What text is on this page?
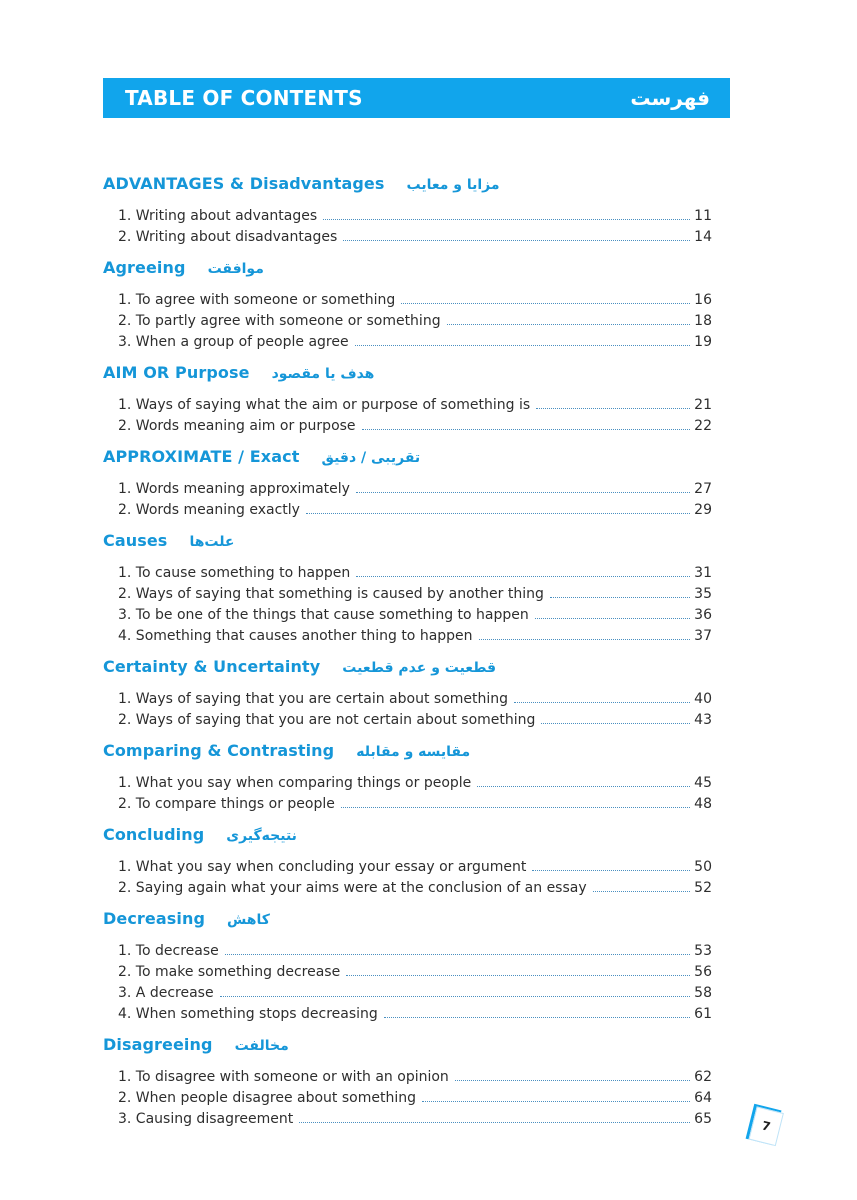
TABLE OF CONTENTS	فهرست
ADVANTAGES & Disadvantages مزایا و معایب
1. Writing about advantages	11
2. Writing about disadvantages	14
Agreeing موافقت
1. To agree with someone or something	16
2. To partly agree with someone or something	18
3. When a group of people agree	19
AIM OR Purpose هدف یا مقصود
1. Ways of saying what the aim or purpose of something is	21
2. Words meaning aim or purpose	22
APPROXIMATE / Exact تقریبی / دقیق
1. Words meaning approximately	27
2. Words meaning exactly	29
Causes علت‌ها
1. To cause something to happen	31
2. Ways of saying that something is caused by another thing	35
3. To be one of the things that cause something to happen	36
4. Something that causes another thing to happen	37
Certainty & Uncertainty قطعیت و عدم قطعیت
1. Ways of saying that you are certain about something	40
2. Ways of saying that you are not certain about something	43
Comparing & Contrasting مقایسه و مقابله
1. What you say when comparing things or people	45
2. To compare things or people	48
Concluding نتیجه‌گیری
1. What you say when concluding your essay or argument	50
2. Saying again what your aims were at the conclusion of an essay	52
Decreasing کاهش
1. To decrease	53
2. To make something decrease	56
3. A decrease	58
4. When something stops decreasing	61
Disagreeing مخالفت
1. To disagree with someone or with an opinion	62
2. When people disagree about something	64
3. Causing disagreement	65	7
